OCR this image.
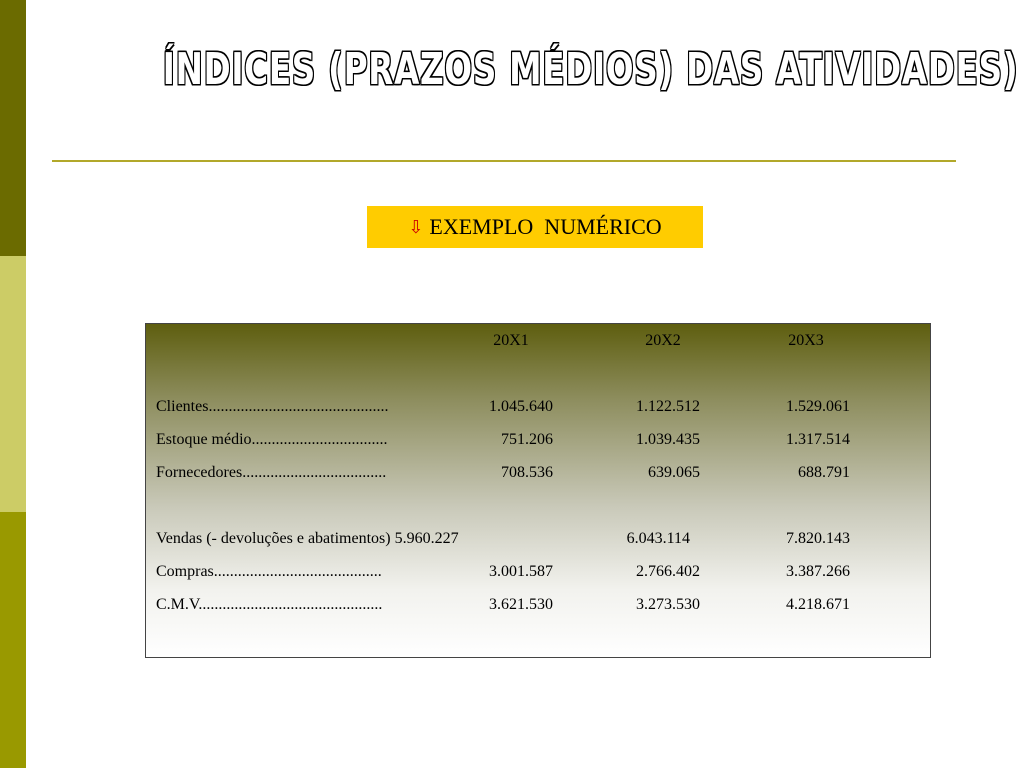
ÍNDICES (PRAZOS MÉDIOS) DAS ATIVIDADES)
⇩ EXEMPLO  NUMÉRICO
20X1	20X2	20X3
Clientes.............................................	1.045.640	1.122.512	1.529.061
Estoque médio..................................	751.206	1.039.435	1.317.514
Fornecedores....................................	708.536	639.065	688.791
Vendas (- devoluções e abatimentos) 5.960.227	6.043.114	7.820.143
Compras..........................................	3.001.587	2.766.402	3.387.266
C.M.V..............................................	3.621.530	3.273.530	4.218.671
